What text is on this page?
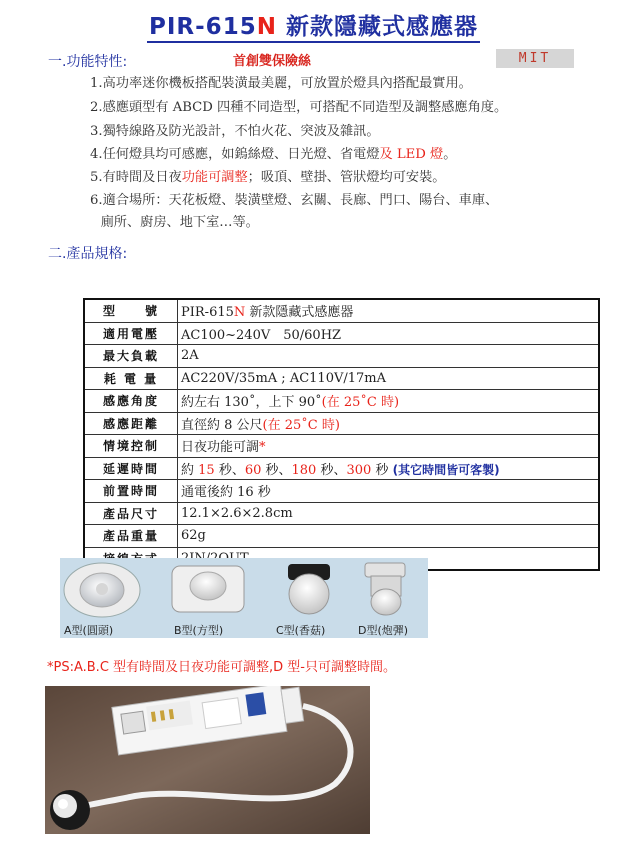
PIR-615N 新款隱藏式感應器
一.功能特性:	首創雙保險絲	MIT
1.高功率迷你機板搭配裝潢最美麗，可放置於燈具內搭配最實用。
2.感應頭型有 ABCD 四種不同造型，可搭配不同造型及調整感應角度。
3.獨特線路及防光設計，不怕火花、突波及雜訊。
4.任何燈具均可感應，如鎢絲燈、日光燈、省電燈及 LED 燈。
5.有時間及日夜功能可調整；吸頂、壁掛、管狀燈均可安裝。
6.適合場所：天花板燈、裝潢壁燈、玄關、長廊、門口、陽台、車庫、
廁所、廚房、地下室…等。
二.產品規格:
型　　號	PIR-615N 新款隱藏式感應器
適用電壓	AC100~240V　50/60HZ
最大負載	2A
耗 電 量	AC220V/35mA ; AC110V/17mA
感應角度	約左右 130˚，上下 90˚(在 25˚C 時)
感應距離	直徑約 8 公尺(在 25˚C 時)
情境控制	日夜功能可調*
延遲時間	約 15 秒、60 秒、180 秒、300 秒 (其它時間皆可客製)
前置時間	通電後約 16 秒
產品尺寸	12.1×2.6×2.8cm
產品重量	62g

A型(圓頭)	B型(方型)	C型(香菇)	D型(炮彈)
*PS:A.B.C 型有時間及日夜功能可調整,D 型-只可調整時間。
